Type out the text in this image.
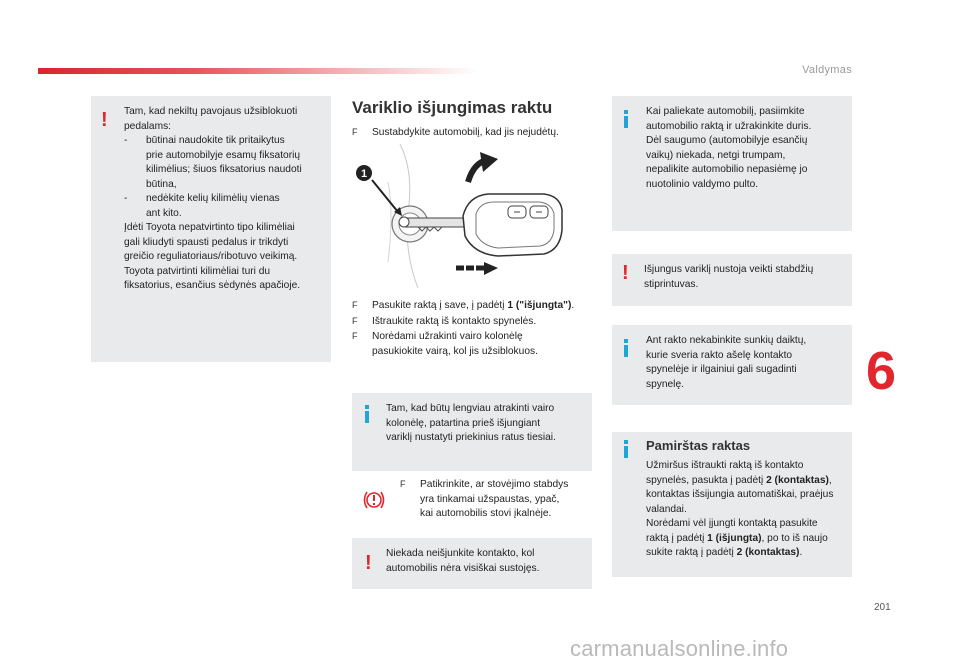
Valdymas
! Tam, kad nekiltų pavojaus užsiblokuoti
pedalams:
- būtinai naudokite tik pritaikytus
prie automobilyje esamų fiksatorių
kilimėlius; šiuos fiksatorius naudoti
būtina,
- nedėkite kelių kilimėlių vienas
ant kito.
Įdėti Toyota nepatvirtinto tipo kilimėliai
gali kliudyti spausti pedalus ir trikdyti
greičio reguliatoriaus/ribotuvo veikimą.
Toyota patvirtinti kilimėliai turi du
fiksatorius, esančius sėdynės apačioje.
Variklio išjungimas raktu
F Sustabdykite automobilį, kad jis nejudėtų.
1
F Pasukite raktą į save, į padėtį 1 ("išjungta").
F Ištraukite raktą iš kontakto spynelės.
F Norėdami užrakinti vairo kolonėlę
pasukiokite vairą, kol jis užsiblokuos.
Tam, kad būtų lengviau atrakinti vairo
kolonėlę, patartina prieš išjungiant
variklį nustatyti priekinius ratus tiesiai.
F Patikrinkite, ar stovėjimo stabdys
yra tinkamai užspaustas, ypač,
kai automobilis stovi įkalnėje.
! Niekada neišjunkite kontakto, kol
automobilis nėra visiškai sustojęs.
Kai paliekate automobilį, pasiimkite
automobilio raktą ir užrakinkite duris.
Dėl saugumo (automobilyje esančių
vaikų) niekada, netgi trumpam,
nepalikite automobilio nepasiėmę jo
nuotolinio valdymo pulto.
! Išjungus variklį nustoja veikti stabdžių
stiprintuvas.
Ant rakto nekabinkite sunkių daiktų,
kurie sveria rakto ašelę kontakto
spynelėje ir ilgainiui gali sugadinti
spynelę.
Pamirštas raktas
Užmiršus ištraukti raktą iš kontakto
spynelės, pasukta į padėtį 2 (kontaktas),
kontaktas išsijungia automatiškai, praėjus
valandai.
Norėdami vėl įjungti kontaktą pasukite
raktą į padėtį 1 (išjungta), po to iš naujo
sukite raktą į padėtį 2 (kontaktas).
6
201
carmanualsonline.info
